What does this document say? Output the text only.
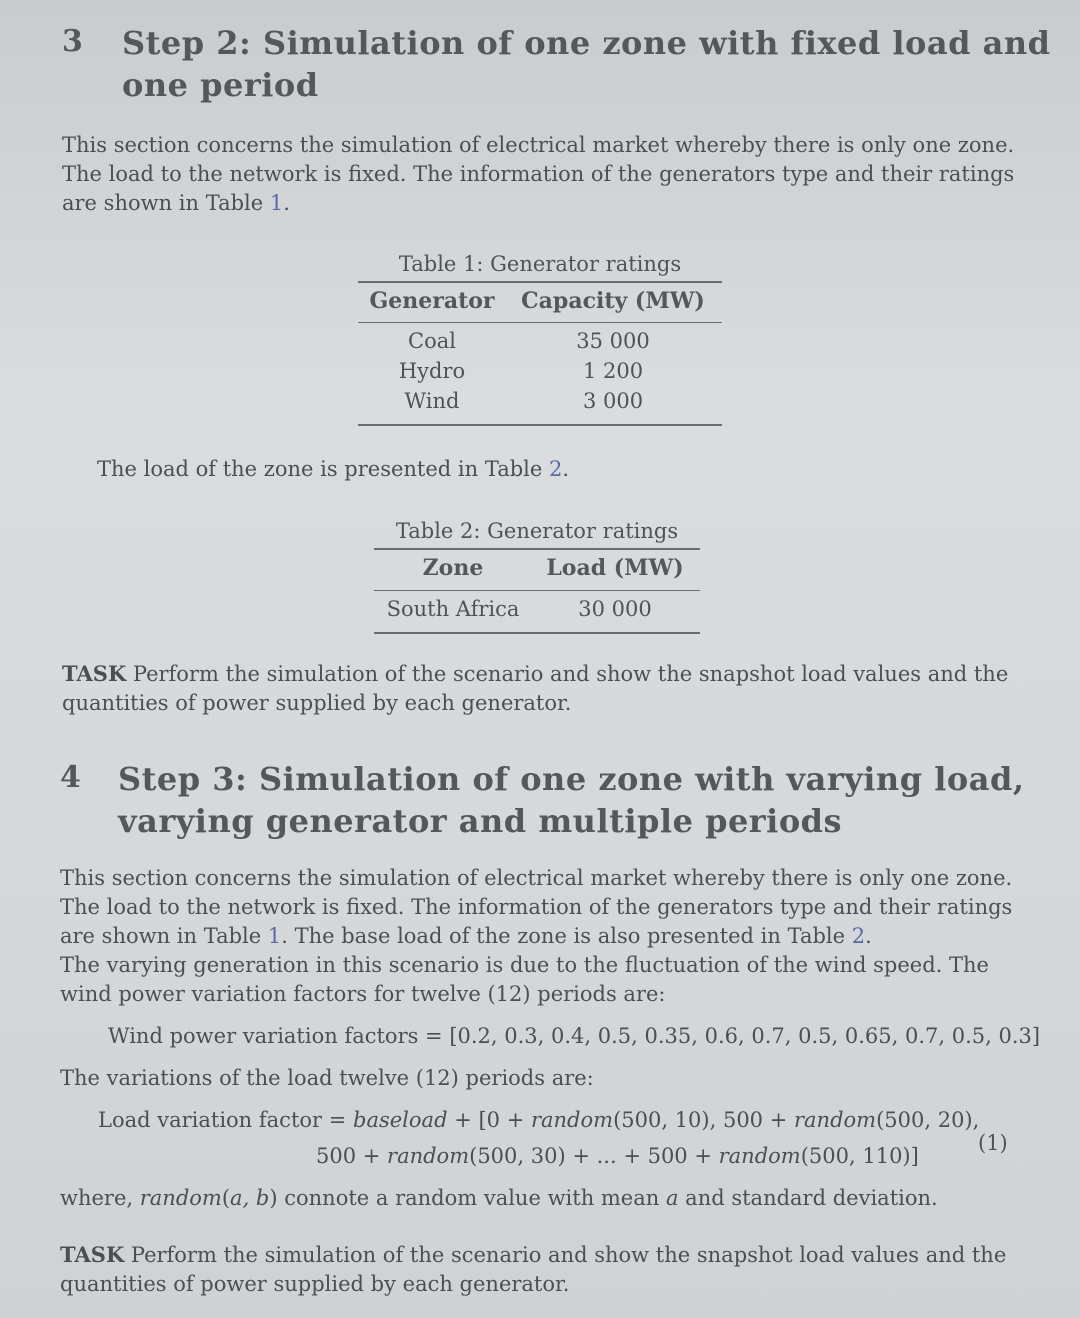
3 Step 2: Simulation of one zone with fixed load and
one period

This section concerns the simulation of electrical market whereby there is only one zone.

The load to the network is fixed. The information of the generators type and their ratings

are shown in Table 1.

Table 1: Generator ratings
Generator	Capacity (MW)
Coal	35 000
Hydro	1 200
Wind	3 000
The load of the zone is presented in Table 2.
Table 2: Generator ratings
Zone	Load (MW)
South Africa	30 000

TASK Perform the simulation of the scenario and show the snapshot load values and the

quantities of power supplied by each generator.

4 Step 3: Simulation of one zone with varying load,
varying generator and multiple periods

This section concerns the simulation of electrical market whereby there is only one zone.

The load to the network is fixed. The information of the generators type and their ratings

are shown in Table 1. The base load of the zone is also presented in Table 2.

The varying generation in this scenario is due to the fluctuation of the wind speed. The

wind power variation factors for twelve (12) periods are:

Wind power variation factors = [0.2, 0.3, 0.4, 0.5, 0.35, 0.6, 0.7, 0.5, 0.65, 0.7, 0.5, 0.3]
The variations of the load twelve (12) periods are:
Load variation factor = baseload + [0 + random(500, 10), 500 + random(500, 20),
500 + random(500, 30) + ... + 500 + random(500, 110)]
(1)
where, random(a, b) connote a random value with mean a and standard deviation.

TASK Perform the simulation of the scenario and show the snapshot load values and the

quantities of power supplied by each generator.
